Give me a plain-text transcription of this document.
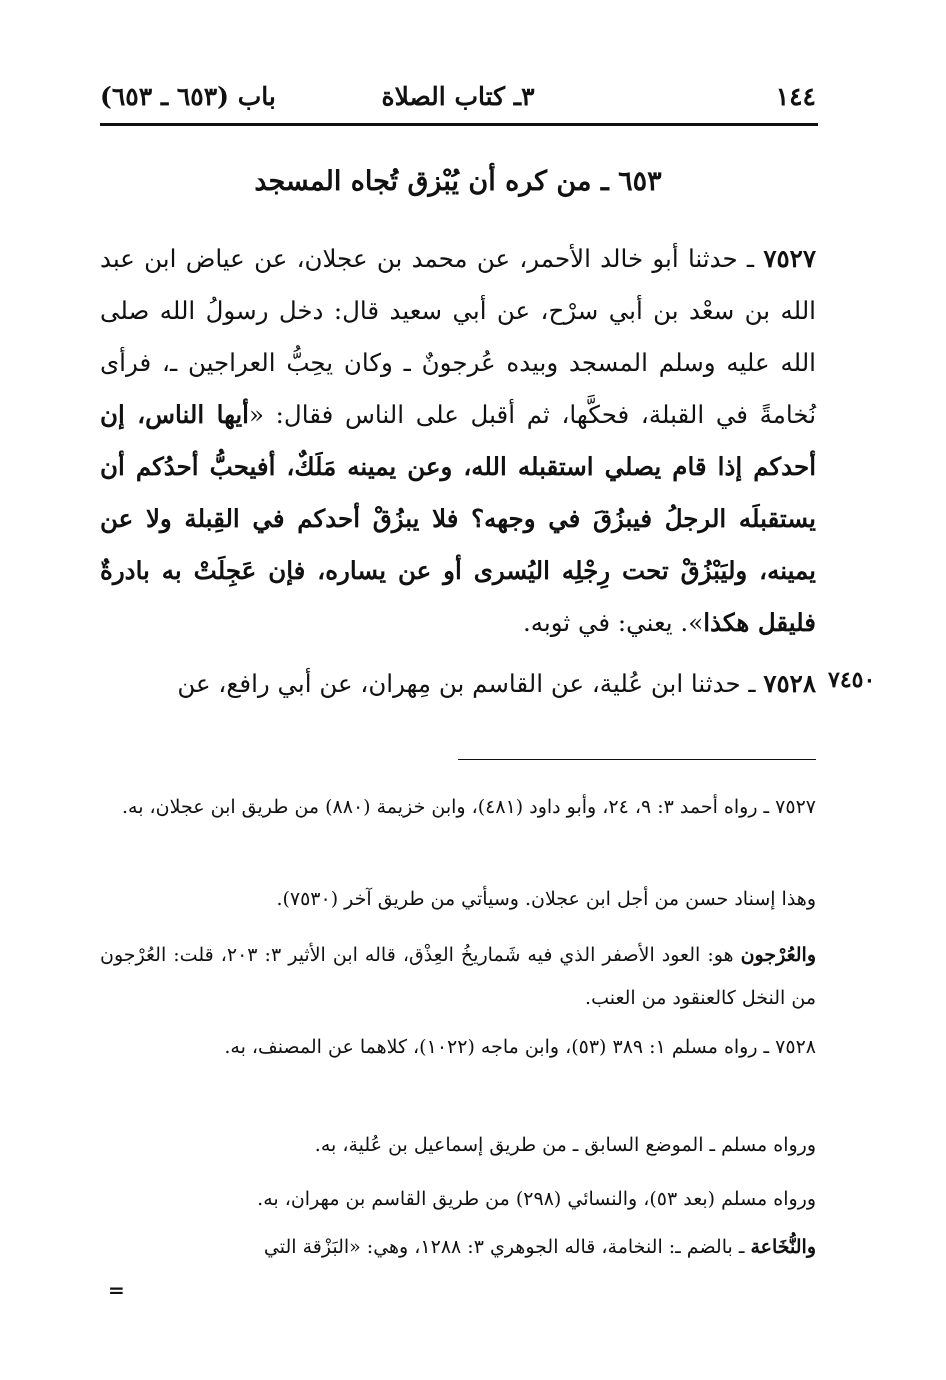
١٤٤
٣ـ كتاب الصلاة
باب (٦٥٣ ـ ٦٥٣)
٦٥٣ ـ من كره أن يُبْزق تُجاه المسجد

٧٥٢٧ ـ حدثنا أبو خالد الأحمر، عن محمد بن عجلان، عن عياض ابن عبد الله بن سعْد بن أبي سرْح، عن أبي سعيد قال: دخل رسولُ الله صلى الله عليه وسلم المسجد وبيده عُرجونٌ ـ وكان يحِبُّ العراجين ـ، فرأى نُخامةً في القبلة، فحكَّها، ثم أقبل على الناس فقال: «أيها الناس، إن أحدكم إذا قام يصلي استقبله الله، وعن يمينه مَلَكٌ، أفيحبُّ أحدُكم أن يستقبلَه الرجلُ فيبزُقَ في وجهه؟ فلا يبزُقْ أحدكم في القِبلة ولا عن يمينه، وليَبْزُقْ تحت رِجْلِه اليُسرى أو عن يساره، فإن عَجِلَتْ به بادرةٌ فليقل هكذا». يعني: في ثوبه.

٧٥٢٨ ـ حدثنا ابن عُلية، عن القاسم بن مِهران، عن أبي رافع، عن	٧٤٥٠

٧٥٢٧ ـ رواه أحمد ٣: ٩، ٢٤، وأبو داود (٤٨١)، وابن خزيمة (٨٨٠) من طريق ابن عجلان، به.

وهذا إسناد حسن من أجل ابن عجلان. وسيأتي من طريق آخر (٧٥٣٠).

والعُرْجون هو: العود الأصفر الذي فيه شَماريخُ العِذْق، قاله ابن الأثير ٣: ٢٠٣، قلت: العُرْجون من النخل كالعنقود من العنب.

٧٥٢٨ ـ رواه مسلم ١: ٣٨٩ (٥٣)، وابن ماجه (١٠٢٢)، كلاهما عن المصنف، به.

ورواه مسلم ـ الموضع السابق ـ من طريق إسماعيل بن عُلية، به.

ورواه مسلم (بعد ٥٣)، والنسائي (٢٩٨) من طريق القاسم بن مهران، به.

والنُّخَاعة ـ بالضم ـ: النخامة، قاله الجوهري ٣: ١٢٨٨، وهي: «البَزْقة التي

=
